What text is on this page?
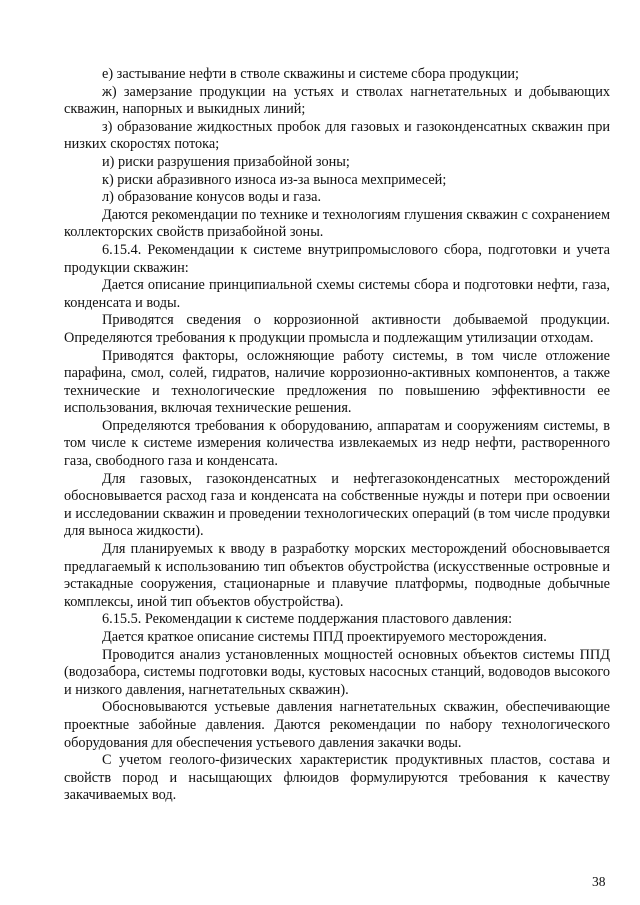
е) застывание нефти в стволе скважины и системе сбора продукции;

ж) замерзание продукции на устьях и стволах нагнетательных и добывающих скважин, напорных и выкидных линий;

з) образование жидкостных пробок для газовых и газоконденсатных скважин при низких скоростях потока;

и) риски разрушения призабойной зоны;

к) риски абразивного износа из-за выноса мехпримесей;

л) образование конусов воды и газа.

Даются рекомендации по технике и технологиям глушения скважин с сохранением коллекторских свойств призабойной зоны.

6.15.4. Рекомендации к системе внутрипромыслового сбора, подготовки и учета продукции скважин:

Дается описание принципиальной схемы системы сбора и подготовки нефти, газа, конденсата и воды.

Приводятся сведения о коррозионной активности добываемой продукции. Определяются требования к продукции промысла и подлежащим утилизации отходам.

Приводятся факторы, осложняющие работу системы, в том числе отложение парафина, смол, солей, гидратов, наличие коррозионно-активных компонентов, а также технические и технологические предложения по повышению эффективности ее использования, включая технические решения.

Определяются требования к оборудованию, аппаратам и сооружениям системы, в том числе к системе измерения количества извлекаемых из недр нефти, растворенного газа, свободного газа и конденсата.

Для газовых, газоконденсатных и нефтегазоконденсатных месторождений обосновывается расход газа и конденсата на собственные нужды и потери при освоении и исследовании скважин и проведении технологических операций (в том числе продувки для выноса жидкости).

Для планируемых к вводу в разработку морских месторождений обосновывается предлагаемый к использованию тип объектов обустройства (искусственные островные и эстакадные сооружения, стационарные и плавучие платформы, подводные добычные комплексы, иной тип объектов обустройства).

6.15.5. Рекомендации к системе поддержания пластового давления:

Дается краткое описание системы ППД проектируемого месторождения.

Проводится анализ установленных мощностей основных объектов системы ППД (водозабора, системы подготовки воды, кустовых насосных станций, водоводов высокого и низкого давления, нагнетательных скважин).

Обосновываются устьевые давления нагнетательных скважин, обеспечивающие проектные забойные давления. Даются рекомендации по набору технологического оборудования для обеспечения устьевого давления закачки воды.

С учетом геолого-физических характеристик продуктивных пластов, состава и свойств пород и насыщающих флюидов формулируются требования к качеству закачиваемых вод.

38
